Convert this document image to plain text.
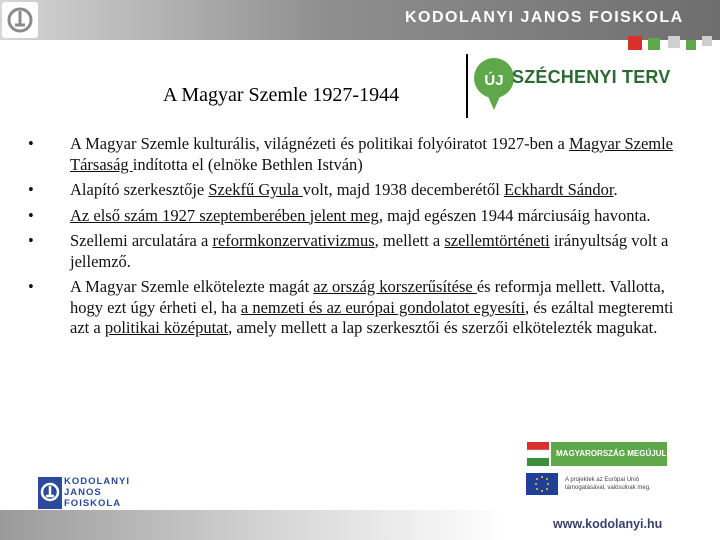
KODOLANYI JANOS FOISKOLA
A Magyar Szemle 1927-1944
ÚJ SZÉCHENYI TERV
• A Magyar Szemle kulturális, világnézeti és politikai folyóiratot 1927-ben a Magyar Szemle Társaság indította el (elnöke Bethlen István)
• Alapító szerkesztője Szekfű Gyula volt, majd 1938 decemberétől Eckhardt Sándor.
• Az első szám 1927 szeptemberében jelent meg, majd egészen 1944 márciusáig havonta.
• Szellemi arculatára a reformkonzervativizmus, mellett a szellemtörténeti irányultság volt a jellemző.
• A Magyar Szemle elkötelezte magát az ország korszerűsítése és reformja mellett. Vallotta, hogy ezt úgy érheti el, ha a nemzeti és az európai gondolatot egyesíti, és ezáltal megteremti azt a politikai középutat, amely mellett a lap szerkesztői és szerzői elkötelezték magukat.
MAGYARORSZÁG MEGÚJUL
A projektek az Európai Unió
támogatásával, valósulnak meg.
KODOLANYI
JANOS
FOISKOLA
www.kodolanyi.hu
